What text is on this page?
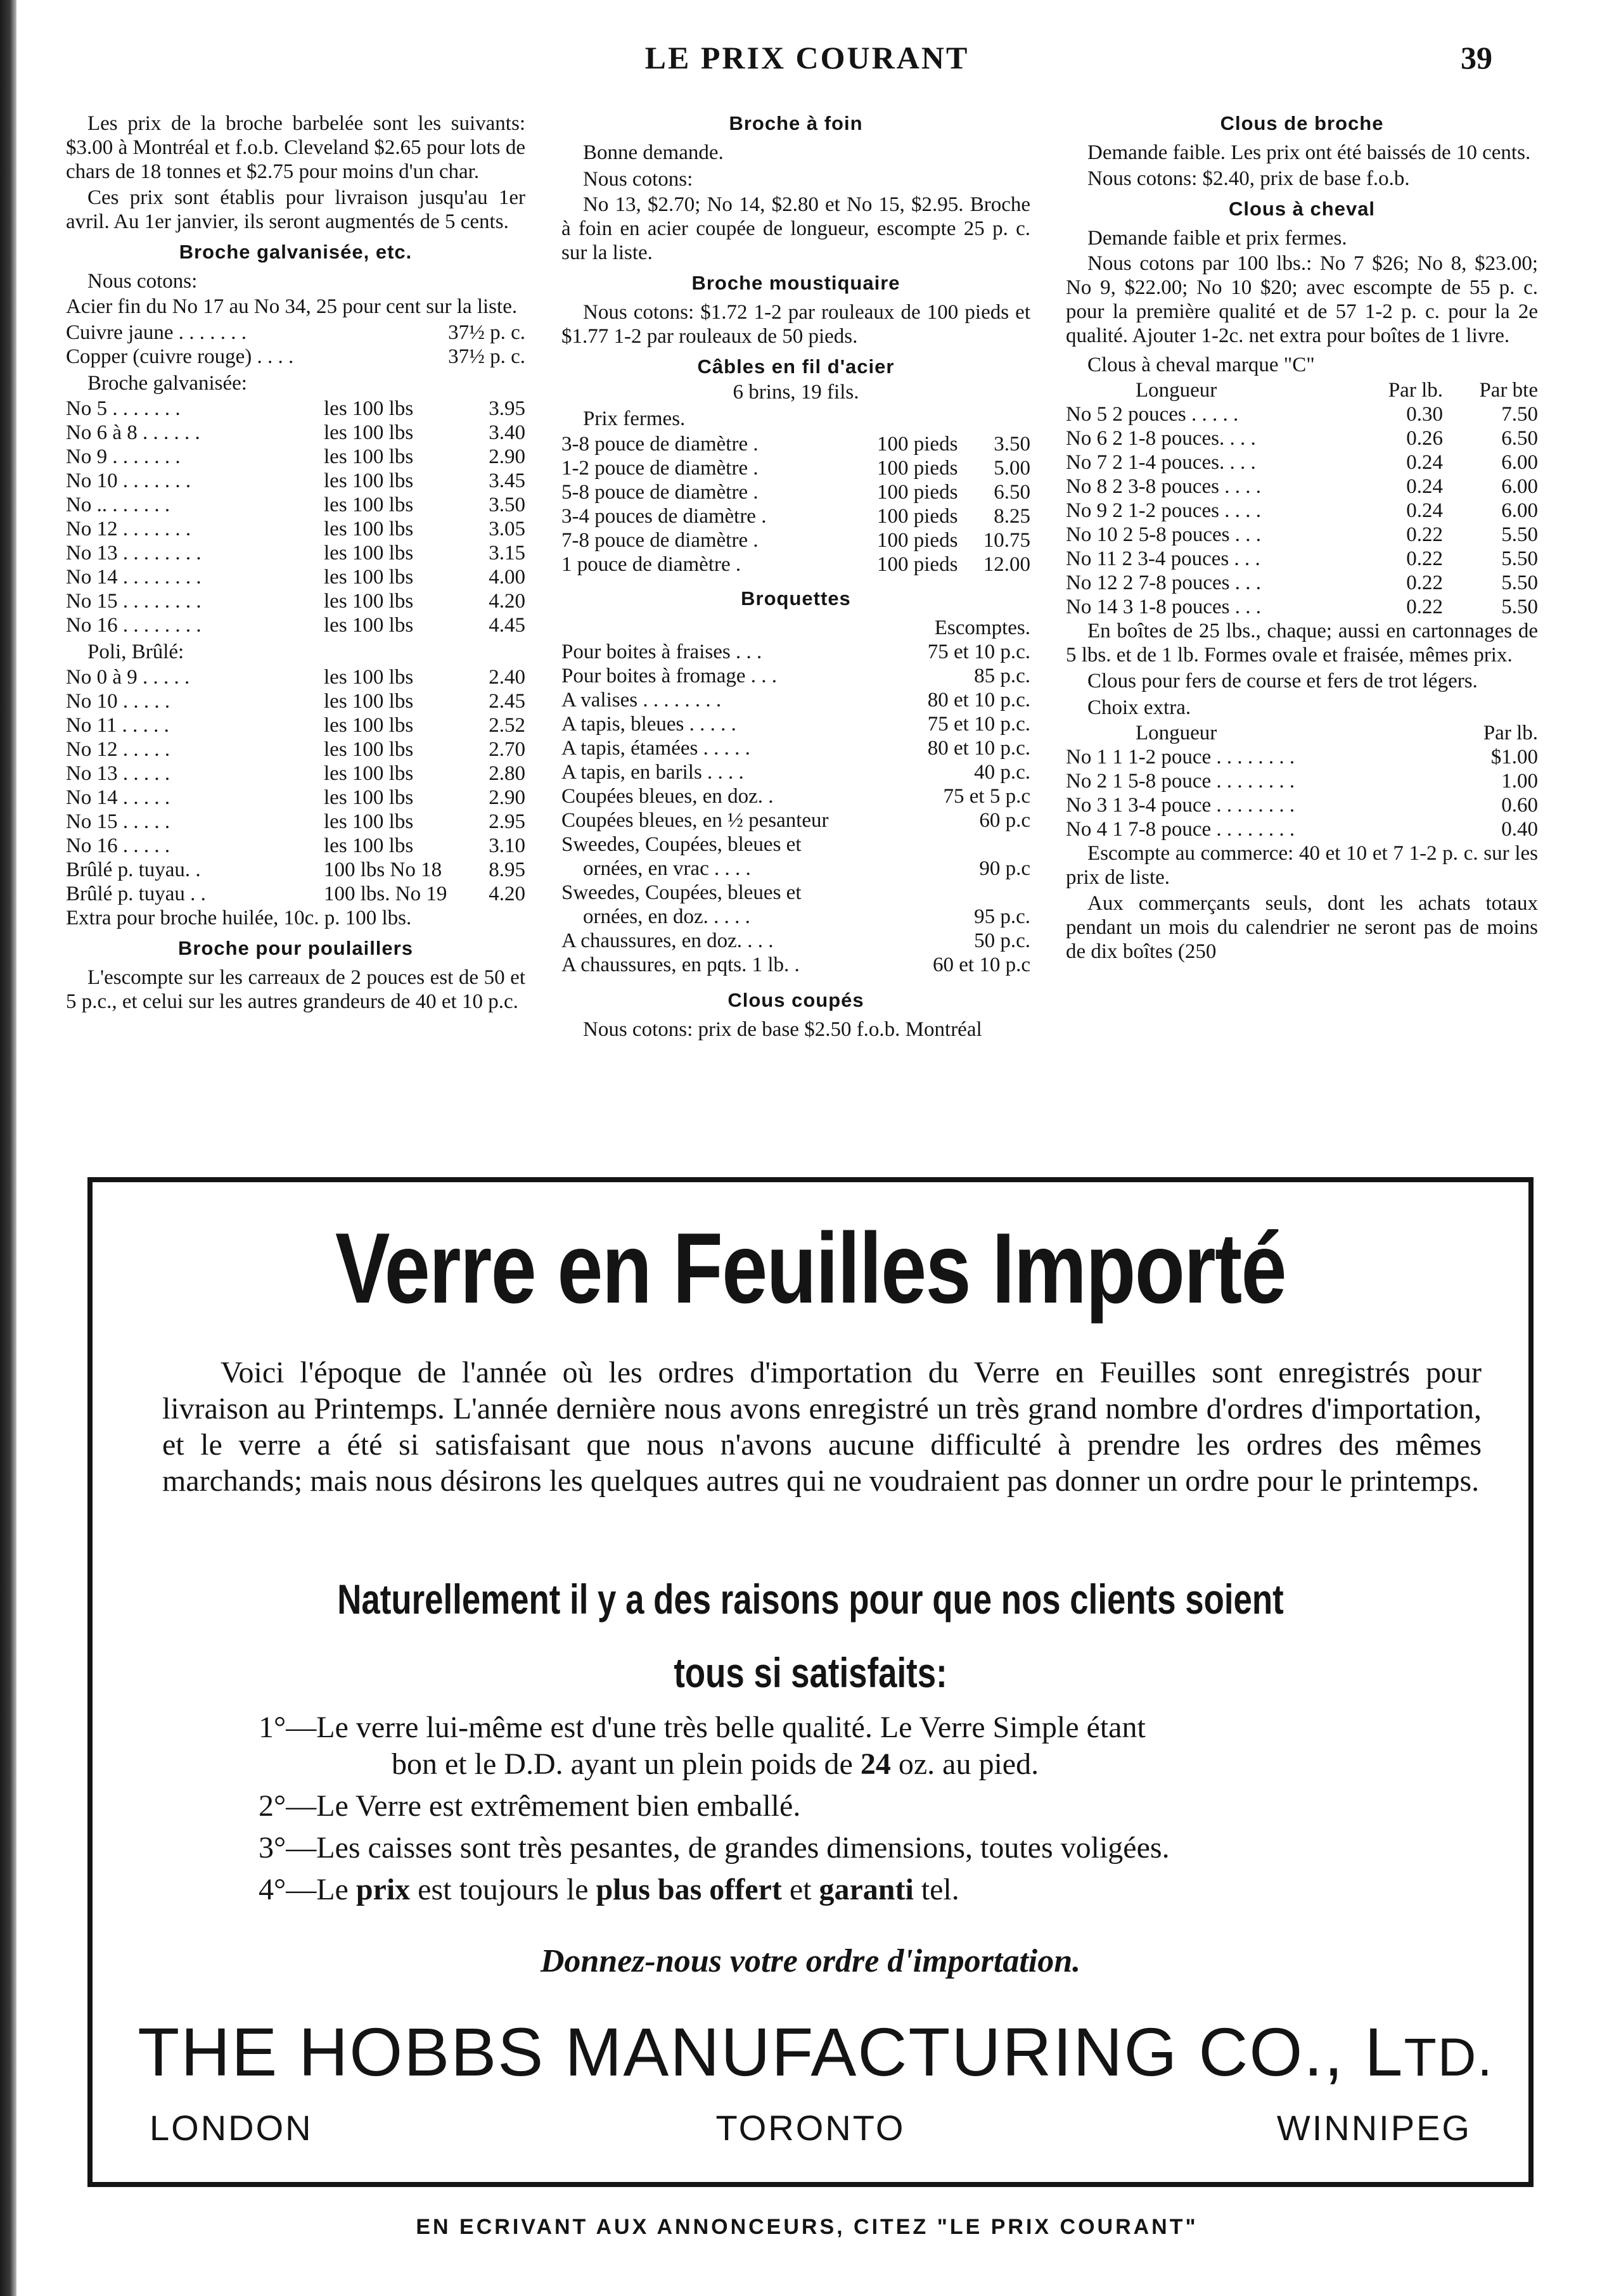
LE PRIX COURANT	39

Les prix de la broche barbelée sont les suivants: $3.00 à Montréal et f.o.b. Cleveland $2.65 pour lots de chars de 18 tonnes et $2.75 pour moins d'un char.

Ces prix sont établis pour livraison jusqu'au 1er avril. Au 1er janvier, ils seront augmentés de 5 cents.

Broche galvanisée, etc.
Nous cotons:

Acier fin du No 17 au No 34, 25 pour cent sur la liste.

Cuivre jaune . . . . . . .	37½ p. c.
Copper (cuivre rouge) . . . .	37½ p. c.
Broche galvanisée:
No 5 . . . . . . .	les 100 lbs	3.95
No 6 à 8 . . . . . .	les 100 lbs	3.40
No 9 . . . . . . .	les 100 lbs	2.90
No 10 . . . . . . .	les 100 lbs	3.45
No .. . . . . . .	les 100 lbs	3.50
No 12 . . . . . . .	les 100 lbs	3.05
No 13 . . . . . . . .	les 100 lbs	3.15
No 14 . . . . . . . .	les 100 lbs	4.00
No 15 . . . . . . . .	les 100 lbs	4.20
No 16 . . . . . . . .	les 100 lbs	4.45
Poli, Brûlé:
No 0 à 9 . . . . .	les 100 lbs	2.40
No 10 . . . . .	les 100 lbs	2.45
No 11 . . . . .	les 100 lbs	2.52
No 12 . . . . .	les 100 lbs	2.70
No 13 . . . . .	les 100 lbs	2.80
No 14 . . . . .	les 100 lbs	2.90
No 15 . . . . .	les 100 lbs	2.95
No 16 . . . . .	les 100 lbs	3.10
Brûlé p. tuyau. .	100 lbs No 18	8.95
Brûlé p. tuyau . .	100 lbs. No 19	4.20

Extra pour broche huilée, 10c. p. 100 lbs.

Broche pour poulaillers

L'escompte sur les carreaux de 2 pouces est de 50 et 5 p.c., et celui sur les autres grandeurs de 40 et 10 p.c.

Broche à foin
Bonne demande.
Nous cotons:

No 13, $2.70; No 14, $2.80 et No 15, $2.95. Broche à foin en acier coupée de longueur, escompte 25 p. c. sur la liste.

Broche moustiquaire

Nous cotons: $1.72 1-2 par rouleaux de 100 pieds et $1.77 1-2 par rouleaux de 50 pieds.

Câbles en fil d'acier
6 brins, 19 fils.
Prix fermes.
3-8 pouce de diamètre .	100 pieds	3.50
1-2 pouce de diamètre .	100 pieds	5.00
5-8 pouce de diamètre .	100 pieds	6.50
3-4 pouces de diamètre .	100 pieds	8.25
7-8 pouce de diamètre .	100 pieds	10.75
1 pouce de diamètre .	100 pieds	12.00
Broquettes
Escomptes.
Pour boites à fraises . . .	75 et 10 p.c.
Pour boites à fromage . . .	85 p.c.
A valises . . . . . . . .	80 et 10 p.c.
A tapis, bleues . . . . .	75 et 10 p.c.
A tapis, étamées . . . . .	80 et 10 p.c.
A tapis, en barils . . . .	40 p.c.
Coupées bleues, en doz. .	75 et 5 p.c
Coupées bleues, en ½ pesanteur	60 p.c
Sweedes, Coupées, bleues et
ornées, en vrac . . . .	90 p.c
Sweedes, Coupées, bleues et
ornées, en doz. . . . .	95 p.c.
A chaussures, en doz. . . .	50 p.c.
A chaussures, en pqts. 1 lb. .	60 et 10 p.c
Clous coupés

Nous cotons: prix de base $2.50 f.o.b. Montréal

Clous de broche

Demande faible. Les prix ont été baissés de 10 cents.

Nous cotons: $2.40, prix de base f.o.b.

Clous à cheval
Demande faible et prix fermes.

Nous cotons par 100 lbs.: No 7 $26; No 8, $23.00; No 9, $22.00; No 10 $20; avec escompte de 55 p. c. pour la première qualité et de 57 1-2 p. c. pour la 2e qualité. Ajouter 1-2c. net extra pour boîtes de 1 livre.

Clous à cheval marque "C"
Longueur	Par lb.	Par bte
No 5 2 pouces . . . . .	0.30	7.50
No 6 2 1-8 pouces. . . .	0.26	6.50
No 7 2 1-4 pouces. . . .	0.24	6.00
No 8 2 3-8 pouces . . . .	0.24	6.00
No 9 2 1-2 pouces . . . .	0.24	6.00
No 10 2 5-8 pouces . . .	0.22	5.50
No 11 2 3-4 pouces . . .	0.22	5.50
No 12 2 7-8 pouces . . .	0.22	5.50
No 14 3 1-8 pouces . . .	0.22	5.50

En boîtes de 25 lbs., chaque; aussi en cartonnages de 5 lbs. et de 1 lb. Formes ovale et fraisée, mêmes prix.

Clous pour fers de course et fers de trot légers.

Choix extra.
Longueur	Par lb.
No 1 1 1-2 pouce . . . . . . . .	$1.00
No 2 1 5-8 pouce . . . . . . . .	1.00
No 3 1 3-4 pouce . . . . . . . .	0.60
No 4 1 7-8 pouce . . . . . . . .	0.40

Escompte au commerce: 40 et 10 et 7 1-2 p. c. sur les prix de liste.

Aux commerçants seuls, dont les achats totaux pendant un mois du calendrier ne seront pas de moins de dix boîtes (250

Verre en Feuilles Importé
Voici l'époque de l'année où les ordres d'importation du Verre en Feuilles sont enregistrés pour livraison au Printemps. L'année dernière nous avons enregistré un très grand nombre d'ordres d'importation, et le verre a été si satisfaisant que nous n'avons aucune difficulté à prendre les ordres des mêmes marchands; mais nous désirons les quelques autres qui ne voudraient pas donner un ordre pour le printemps.
Naturellement il y a des raisons pour que nos clients soient
tous si satisfaits:
1°—Le verre lui-même est d'une très belle qualité. Le Verre Simple étant
bon et le D.D. ayant un plein poids de 24 oz. au pied.
2°—Le Verre est extrêmement bien emballé.
3°—Les caisses sont très pesantes, de grandes dimensions, toutes voligées.
4°—Le prix est toujours le plus bas offert et garanti tel.
Donnez-nous votre ordre d'importation.
THE HOBBS MANUFACTURING CO., LTD.
LONDON	TORONTO	WINNIPEG
EN ECRIVANT AUX ANNONCEURS, CITEZ "LE PRIX COURANT"
